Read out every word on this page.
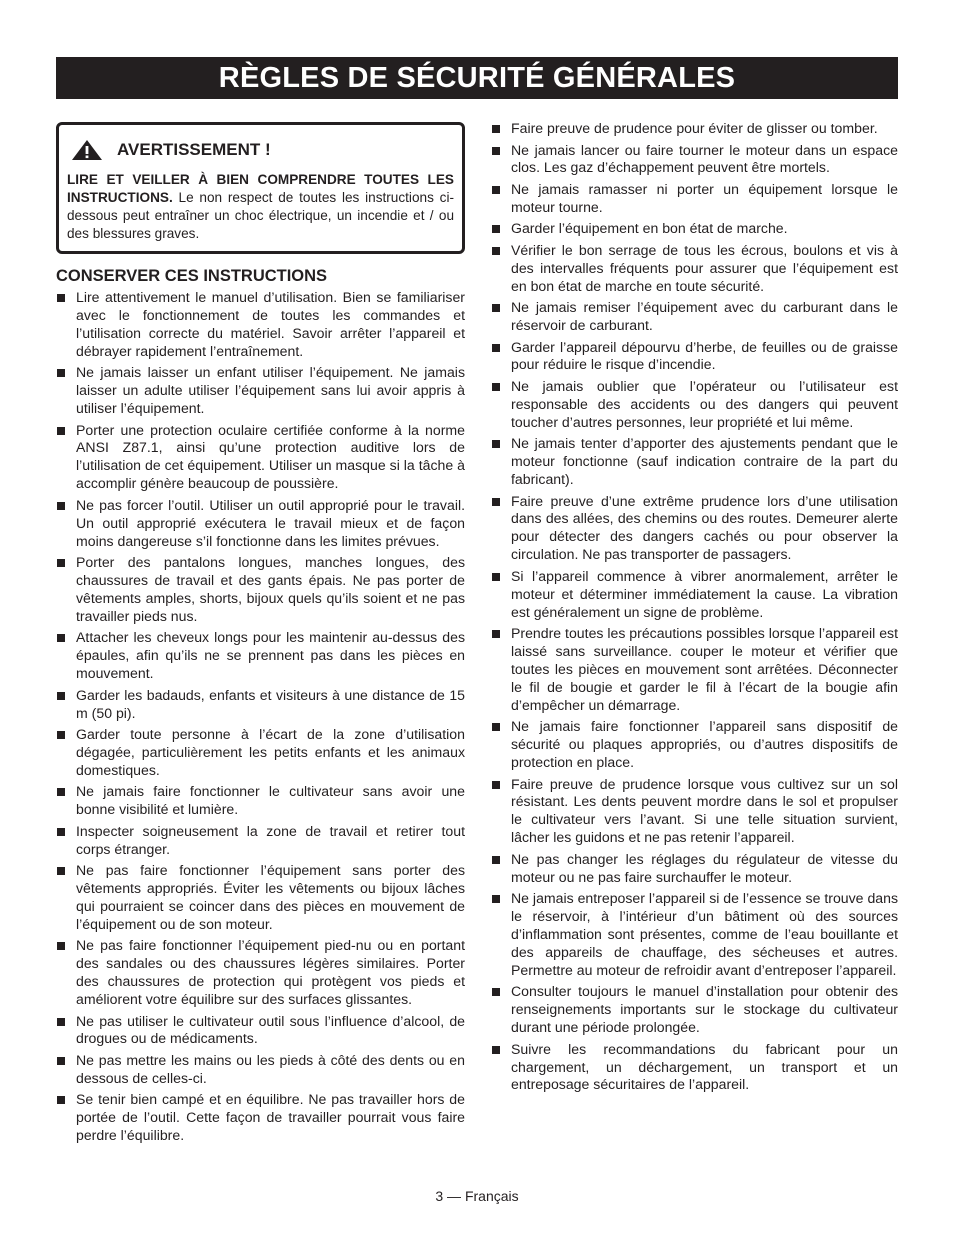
RÈGLES DE SÉCURITÉ GÉNÉRALES
AVERTISSEMENT !
LIRE ET VEILLER À BIEN COMPRENDRE TOUTES LES INSTRUCTIONS. Le non respect de toutes les instructions ci-dessous peut entraîner un choc électrique, un incendie et / ou des blessures graves.
CONSERVER CES INSTRUCTIONS
Lire attentivement le manuel d’utilisation. Bien se familiariser avec le fonctionnement de toutes les commandes et l’utilisation correcte du matériel. Savoir arrêter l’appareil et débrayer rapidement l’entraînement.
Ne jamais laisser un enfant utiliser l’équipement. Ne jamais laisser un adulte utiliser l’équipement sans lui avoir appris à utiliser l’équipement.
Porter une protection oculaire certifiée conforme à la norme ANSI Z87.1, ainsi qu’une protection auditive lors de l’utilisation de cet équipement. Utiliser un masque si la tâche à accomplir génère beaucoup de poussière.
Ne pas forcer l’outil. Utiliser un outil approprié pour le travail. Un outil approprié exécutera le travail mieux et de façon moins dangereuse s’il fonctionne dans les limites prévues.
Porter des pantalons longues, manches longues, des chaussures de travail et des gants épais. Ne pas porter de vêtements amples, shorts, bijoux quels qu’ils soient et ne pas travailler pieds nus.
Attacher les cheveux longs pour les maintenir au-dessus des épaules, afin qu’ils ne se prennent pas dans les pièces en mouvement.
Garder les badauds, enfants et visiteurs à une distance de 15 m (50 pi).
Garder toute personne à l’écart de la zone d’utilisation dégagée, particulièrement les petits enfants et les animaux domestiques.
Ne jamais faire fonctionner le cultivateur sans avoir une bonne visibilité et lumière.
Inspecter soigneusement la zone de travail et retirer tout corps étranger.
Ne pas faire fonctionner l’équipement sans porter des vêtements appropriés. Éviter les vêtements ou bijoux lâches qui pourraient se coincer dans des pièces en mouvement de l’équipement ou de son moteur.
Ne pas faire fonctionner l’équipement pied-nu ou en portant des sandales ou des chaussures légères similaires. Porter des chaussures de protection qui protègent vos pieds et améliorent votre équilibre sur des surfaces glissantes.
Ne pas utiliser le cultivateur outil sous l’influence d’alcool, de drogues ou de médicaments.
Ne pas mettre les mains ou les pieds à côté des dents ou en dessous de celles-ci.
Se tenir bien campé et en équilibre. Ne pas travailler hors de portée de l’outil. Cette façon de travailler pourrait vous faire perdre l’équilibre.
Faire preuve de prudence pour éviter de glisser ou tomber.
Ne jamais lancer ou faire tourner le moteur dans un espace clos. Les gaz d’échappement peuvent être mortels.
Ne jamais ramasser ni porter un équipement lorsque le moteur tourne.
Garder l’équipement en bon état de marche.
Vérifier le bon serrage de tous les écrous, boulons et vis à des intervalles fréquents pour assurer que l’équipement est en bon état de marche en toute sécurité.
Ne jamais remiser l’équipement avec du carburant dans le réservoir de carburant.
Garder l’appareil dépourvu d’herbe, de feuilles ou de graisse pour réduire le risque d’incendie.
Ne jamais oublier que l’opérateur ou l’utilisateur est responsable des accidents ou des dangers qui peuvent toucher d’autres personnes, leur propriété et lui même.
Ne jamais tenter d’apporter des ajustements pendant que le moteur fonctionne (sauf indication contraire de la part du fabricant).
Faire preuve d’une extrême prudence lors d’une utilisation dans des allées, des chemins ou des routes. Demeurer alerte pour détecter des dangers cachés ou pour observer la circulation. Ne pas transporter de passagers.
Si l’appareil commence à vibrer anormalement, arrêter le moteur et déterminer immédiatement la cause. La vibration est généralement un signe de problème.
Prendre toutes les précautions possibles lorsque l’appareil est laissé sans surveillance. couper le moteur et vérifier que toutes les pièces en mouvement sont arrêtées. Déconnecter le fil de bougie et garder le fil à l’écart de la bougie afin d’empêcher un démarrage.
Ne jamais faire fonctionner l’appareil sans dispositif de sécurité ou plaques appropriés, ou d’autres dispositifs de protection en place.
Faire preuve de prudence lorsque vous cultivez sur un sol résistant. Les dents peuvent mordre dans le sol et propulser le cultivateur vers l’avant. Si une telle situation survient, lâcher les guidons et ne pas retenir l’appareil.
Ne pas changer les réglages du régulateur de vitesse du moteur ou ne pas faire surchauffer le moteur.
Ne jamais entreposer l’appareil si de l’essence se trouve dans le réservoir, à l’intérieur d’un bâtiment où des sources d’inflammation sont présentes, comme de l’eau bouillante et des appareils de chauffage, des sécheuses et autres. Permettre au moteur de refroidir avant d’entreposer l’appareil.
Consulter toujours le manuel d’installation pour obtenir des renseignements importants sur le stockage du cultivateur durant une période prolongée.
Suivre les recommandations du fabricant pour un chargement, un déchargement, un transport et un entreposage sécuritaires de l’appareil.
3 — Français
